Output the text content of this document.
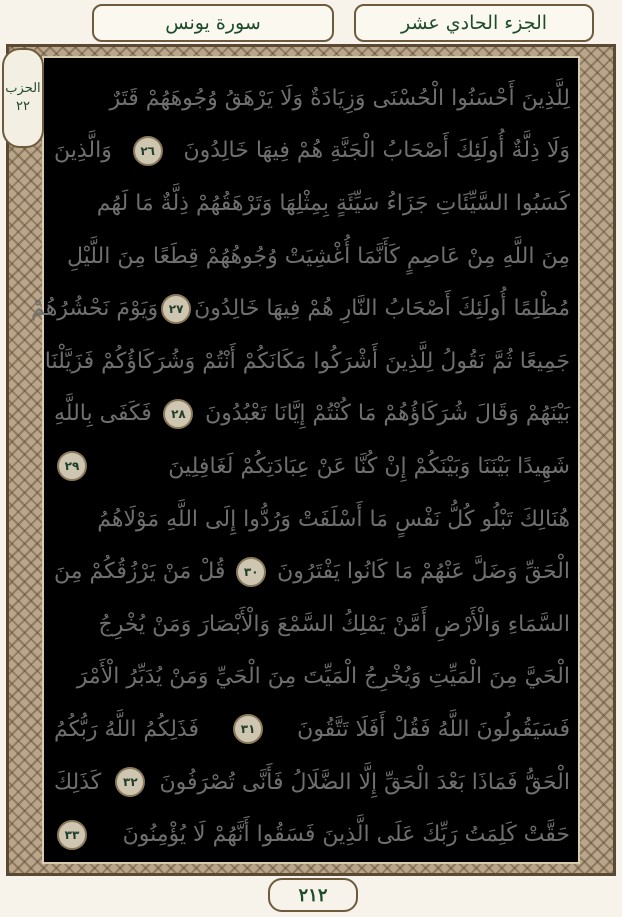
الجزء الحادي عشر
سورة يونس
الحزب
٢٢	لِلَّذِينَ أَحْسَنُوا الْحُسْنَى وَزِيَادَةٌ وَلَا يَرْهَقُ وُجُوهَهُمْ قَتَرٌ
وَلَا ذِلَّةٌ أُولَئِكَ أَصْحَابُ الْجَنَّةِ هُمْ فِيهَا خَالِدُونَ
٢٦
وَالَّذِينَ
كَسَبُوا السَّيِّئَاتِ جَزَاءُ سَيِّئَةٍ بِمِثْلِهَا وَتَرْهَقُهُمْ ذِلَّةٌ مَا لَهُم
مِنَ اللَّهِ مِنْ عَاصِمٍ كَأَنَّمَا أُغْشِيَتْ وُجُوهُهُمْ قِطَعًا مِنَ اللَّيْلِ
مُظْلِمًا أُولَئِكَ أَصْحَابُ النَّارِ هُمْ فِيهَا خَالِدُونَ
٢٧
وَيَوْمَ نَحْشُرُهُمْ
جَمِيعًا ثُمَّ نَقُولُ لِلَّذِينَ أَشْرَكُوا مَكَانَكُمْ أَنْتُمْ وَشُرَكَاؤُكُمْ فَزَيَّلْنَا
بَيْنَهُمْ وَقَالَ شُرَكَاؤُهُمْ مَا كُنْتُمْ إِيَّانَا تَعْبُدُونَ
٢٨
فَكَفَى بِاللَّهِ
شَهِيدًا بَيْنَنَا وَبَيْنَكُمْ إِنْ كُنَّا عَنْ عِبَادَتِكُمْ لَغَافِلِينَ
٢٩
هُنَالِكَ تَبْلُو كُلُّ نَفْسٍ مَا أَسْلَفَتْ وَرُدُّوا إِلَى اللَّهِ مَوْلَاهُمُ
الْحَقِّ وَضَلَّ عَنْهُمْ مَا كَانُوا يَفْتَرُونَ
٣٠
قُلْ مَنْ يَرْزُقُكُمْ مِنَ
السَّمَاءِ وَالْأَرْضِ أَمَّنْ يَمْلِكُ السَّمْعَ وَالْأَبْصَارَ وَمَنْ يُخْرِجُ
الْحَيَّ مِنَ الْمَيِّتِ وَيُخْرِجُ الْمَيِّتَ مِنَ الْحَيِّ وَمَنْ يُدَبِّرُ الْأَمْرَ
فَسَيَقُولُونَ اللَّهُ فَقُلْ أَفَلَا تَتَّقُونَ
٣١
فَذَلِكُمُ اللَّهُ رَبُّكُمُ
الْحَقُّ فَمَاذَا بَعْدَ الْحَقِّ إِلَّا الضَّلَالُ فَأَنَّى تُصْرَفُونَ
٣٢
كَذَلِكَ
حَقَّتْ كَلِمَتُ رَبِّكَ عَلَى الَّذِينَ فَسَقُوا أَنَّهُمْ لَا يُؤْمِنُونَ
٣٣
٢١٢
